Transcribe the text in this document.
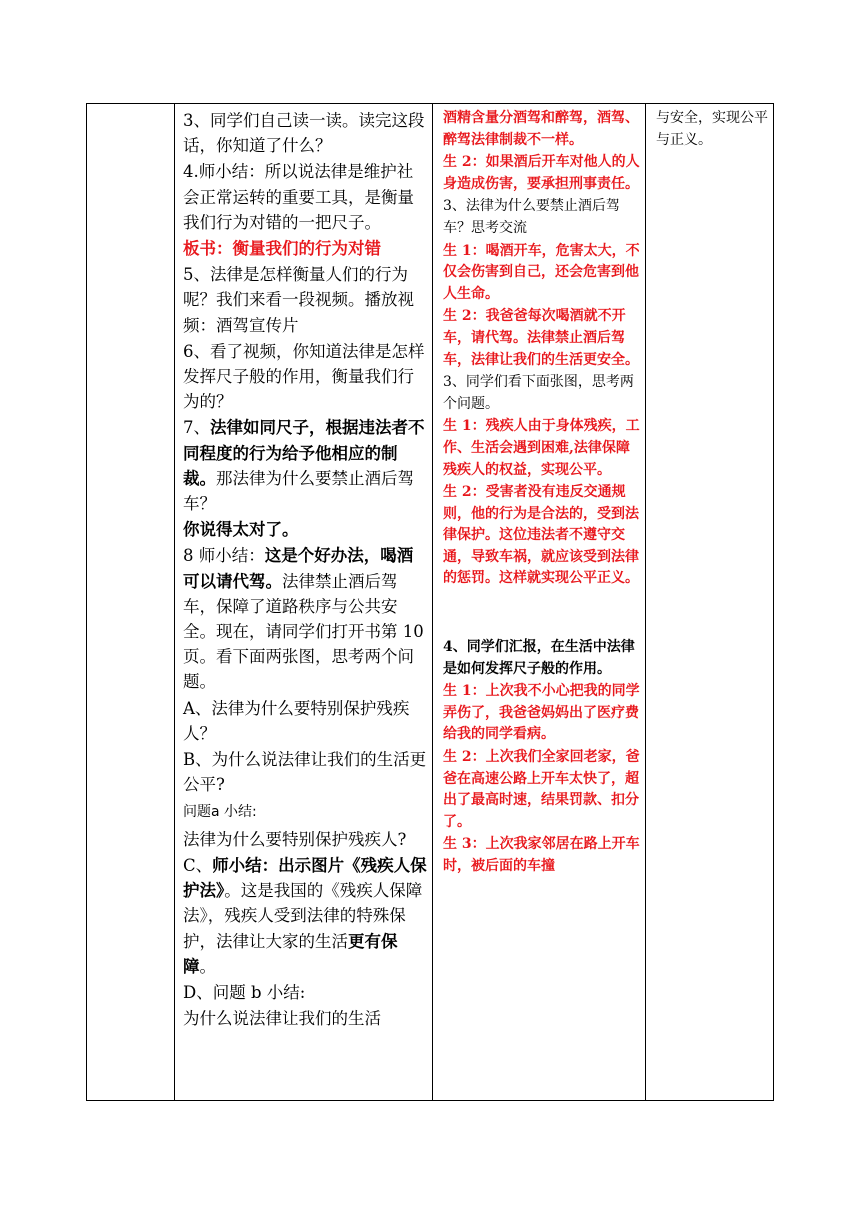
3、同学们自己读一读。读完这段话，你知道了什么？
4.师小结：所以说法律是维护社会正常运转的重要工具，是衡量我们行为对错的一把尺子。
板书：衡量我们的行为对错
5、法律是怎样衡量人们的行为呢？我们来看一段视频。播放视频：酒驾宣传片
6、看了视频，你知道法律是怎样发挥尺子般的作用，衡量我们行为的？
7、法律如同尺子，根据违法者不同程度的行为给予他相应的制裁。那法律为什么要禁止酒后驾车？
你说得太对了。
8 师小结：这是个好办法，喝酒可以请代驾。法律禁止酒后驾车，保障了道路秩序与公共安全。现在，请同学们打开书第 10 页。看下面两张图，思考两个问题。
A、法律为什么要特别保护残疾人？
B、为什么说法律让我们的生活更公平?
问题a 小结:
法律为什么要特别保护残疾人?
C、师小结：出示图片《残疾人保护法》。这是我国的《残疾人保障法》，残疾人受到法律的特殊保护，法律让大家的生活更有保障。
D、问题 b 小结:
为什么说法律让我们的生活
酒精含量分酒驾和醉驾，酒驾、醉驾法律制裁不一样。
生 2：如果酒后开车对他人的人身造成伤害，要承担刑事责任。
3、法律为什么要禁止酒后驾车？思考交流
生 1：喝酒开车，危害太大，不仅会伤害到自己，还会危害到他人生命。
生 2：我爸爸每次喝酒就不开车，请代驾。法律禁止酒后驾车，法律让我们的生活更安全。
3、同学们看下面张图，思考两个问题。
生 1：残疾人由于身体残疾，工作、生活会遇到困难,法律保障残疾人的权益，实现公平。
生 2：受害者没有违反交通规则，他的行为是合法的，受到法律保护。这位违法者不遵守交通，导致车祸，就应该受到法律的惩罚。这样就实现公平正义。
4、同学们汇报，在生活中法律是如何发挥尺子般的作用。
生 1：上次我不小心把我的同学弄伤了，我爸爸妈妈出了医疗费给我的同学看病。
生 2：上次我们全家回老家，爸爸在高速公路上开车太快了，超出了最高时速，结果罚款、扣分了。
生 3：上次我家邻居在路上开车时，被后面的车撞
与安全，实现公平与正义。
